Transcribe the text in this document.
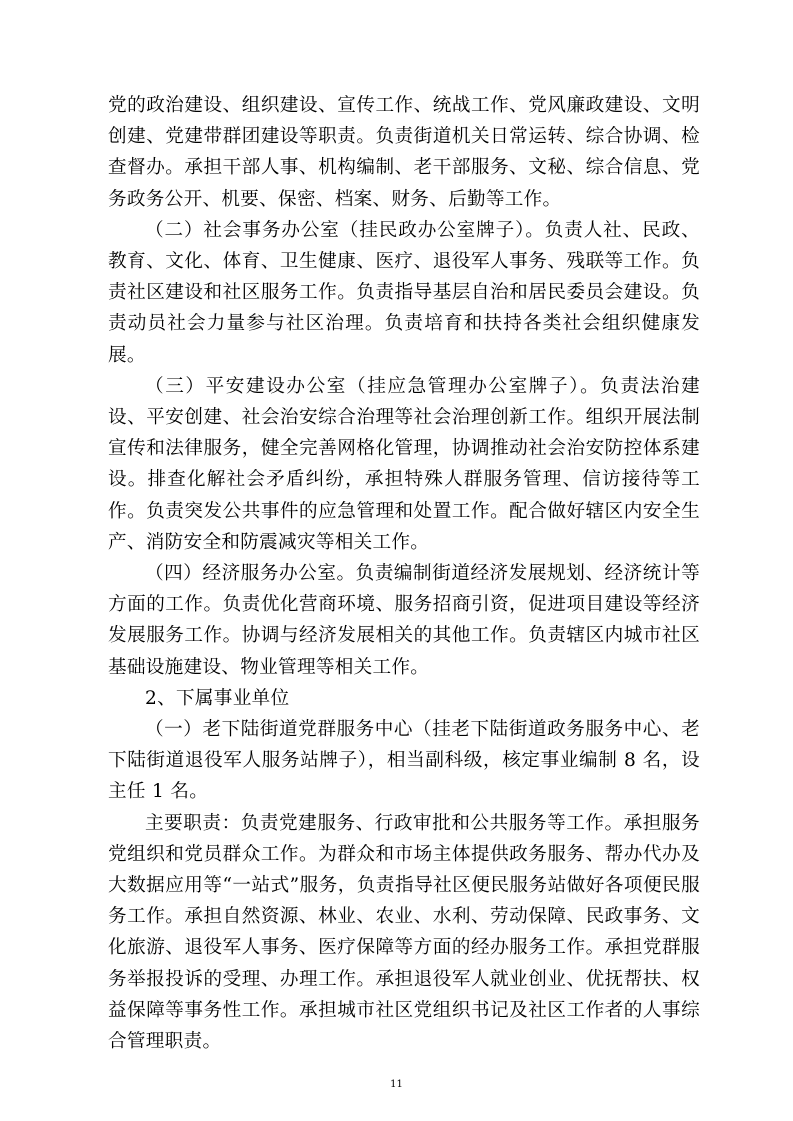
党的政治建设、组织建设、宣传工作、统战工作、党风廉政建设、文明创建、党建带群团建设等职责。负责街道机关日常运转、综合协调、检查督办。承担干部人事、机构编制、老干部服务、文秘、综合信息、党务政务公开、机要、保密、档案、财务、后勤等工作。

（二）社会事务办公室（挂民政办公室牌子）。负责人社、民政、教育、文化、体育、卫生健康、医疗、退役军人事务、残联等工作。负责社区建设和社区服务工作。负责指导基层自治和居民委员会建设。负责动员社会力量参与社区治理。负责培育和扶持各类社会组织健康发展。

（三）平安建设办公室（挂应急管理办公室牌子）。负责法治建设、平安创建、社会治安综合治理等社会治理创新工作。组织开展法制宣传和法律服务，健全完善网格化管理，协调推动社会治安防控体系建设。排查化解社会矛盾纠纷，承担特殊人群服务管理、信访接待等工作。负责突发公共事件的应急管理和处置工作。配合做好辖区内安全生产、消防安全和防震减灾等相关工作。

（四）经济服务办公室。负责编制街道经济发展规划、经济统计等方面的工作。负责优化营商环境、服务招商引资，促进项目建设等经济发展服务工作。协调与经济发展相关的其他工作。负责辖区内城市社区基础设施建设、物业管理等相关工作。

2、下属事业单位

（一）老下陆街道党群服务中心（挂老下陆街道政务服务中心、老下陆街道退役军人服务站牌子），相当副科级，核定事业编制 8 名，设主任 1 名。

主要职责：负责党建服务、行政审批和公共服务等工作。承担服务党组织和党员群众工作。为群众和市场主体提供政务服务、帮办代办及大数据应用等“一站式”服务，负责指导社区便民服务站做好各项便民服务工作。承担自然资源、林业、农业、水利、劳动保障、民政事务、文化旅游、退役军人事务、医疗保障等方面的经办服务工作。承担党群服务举报投诉的受理、办理工作。承担退役军人就业创业、优抚帮扶、权益保障等事务性工作。承担城市社区党组织书记及社区工作者的人事综合管理职责。

11
